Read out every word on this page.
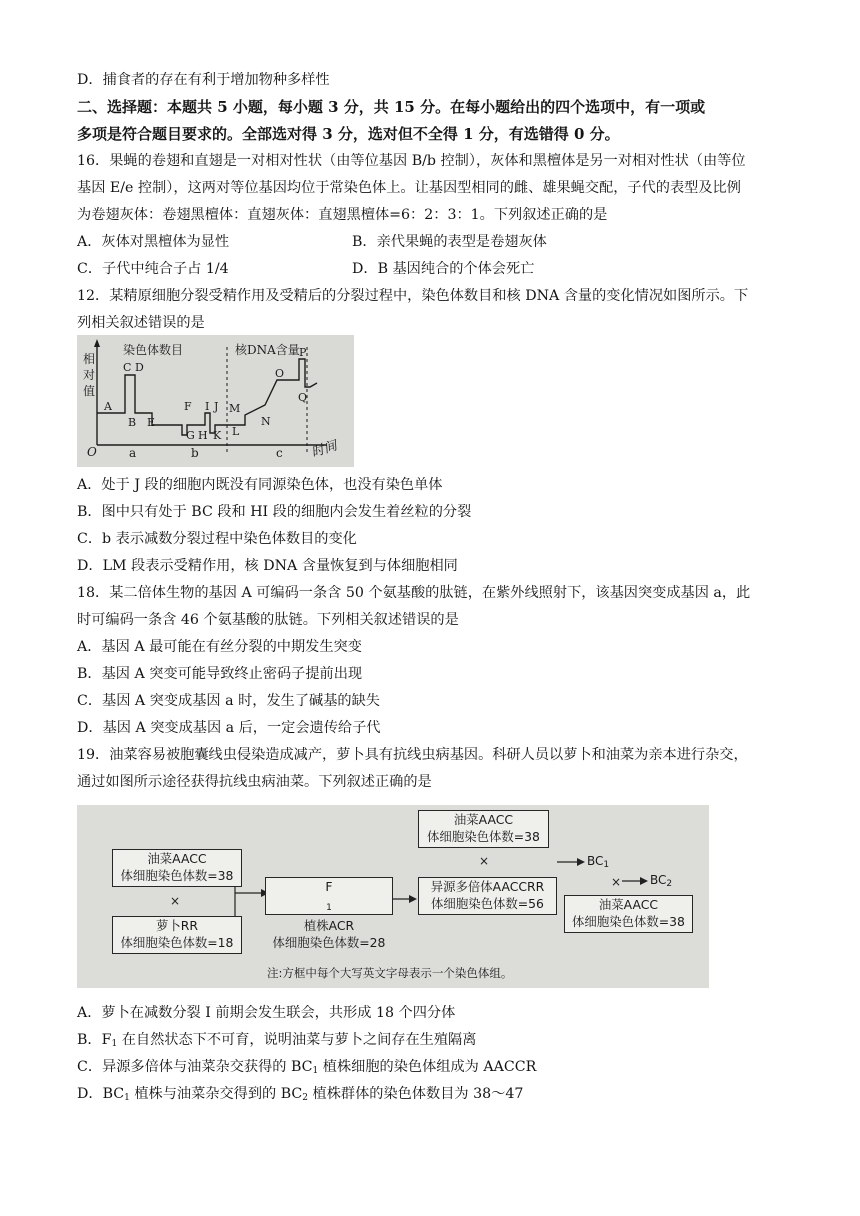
D．捕食者的存在有利于增加物种多样性
二、选择题：本题共 5 小题，每小题 3 分，共 15 分。在每小题给出的四个选项中，有一项或
多项是符合题目要求的。全部选对得 3 分，选对但不全得 1 分，有选错得 0 分。
16．果蝇的卷翅和直翅是一对相对性状（由等位基因 B/b 控制），灰体和黑檀体是另一对相对性状（由等位
基因 E/e 控制），这两对等位基因均位于常染色体上。让基因型相同的雌、雄果蝇交配，子代的表型及比例
为卷翅灰体：卷翅黑檀体：直翅灰体：直翅黑檀体=6：2：3：1。下列叙述正确的是
A．灰体对黑檀体为显性	B．亲代果蝇的表型是卷翅灰体
C．子代中纯合子占 1/4	D．B 基因纯合的个体会死亡
12．某精原细胞分裂受精作用及受精后的分裂过程中，染色体数目和核 DNA 含量的变化情况如图所示。下
列相关叙述错误的是
相
对
值
染色体数目	核DNA含量
时间
O	a	b	c
A
B
C D
E
F
G H
I J
K L
M
N
O
P
Q
A．处于 J 段的细胞内既没有同源染色体，也没有染色单体
B．图中只有处于 BC 段和 HI 段的细胞内会发生着丝粒的分裂
C．b 表示减数分裂过程中染色体数目的变化
D．LM 段表示受精作用，核 DNA 含量恢复到与体细胞相同
18．某二倍体生物的基因 A 可编码一条含 50 个氨基酸的肽链，在紫外线照射下，该基因突变成基因 a，此
时可编码一条含 46 个氨基酸的肽链。下列相关叙述错误的是
A．基因 A 最可能在有丝分裂的中期发生突变
B．基因 A 突变可能导致终止密码子提前出现
C．基因 A 突变成基因 a 时，发生了碱基的缺失
D．基因 A 突变成基因 a 后，一定会遗传给子代
19．油菜容易被胞囊线虫侵染造成减产，萝卜具有抗线虫病基因。科研人员以萝卜和油菜为亲本进行杂交，
通过如图所示途径获得抗线虫病油菜。下列叙述正确的是
油菜AACC
体细胞染色体数=38
×
萝卜RR
体细胞染色体数=18
F
$_1$
植株ACR
体细胞染色体数=28
油菜AACC
体细胞染色体数=38
×
异源多倍体AACCRR
体细胞染色体数=56
$BC_1$
× $BC_2$
油菜AACC
体细胞染色体数=38
注:方框中每个大写英文字母表示一个染色体组。
A．萝卜在减数分裂 I 前期会发生联会，共形成 18 个四分体
B．$F_1$ 在自然状态下不可育，说明油菜与萝卜之间存在生殖隔离
C．异源多倍体与油菜杂交获得的 $BC_1$ 植株细胞的染色体组成为 AACCR
D．$BC_1$ 植株与油菜杂交得到的 $BC_2$ 植株群体的染色体数目为 38～47
